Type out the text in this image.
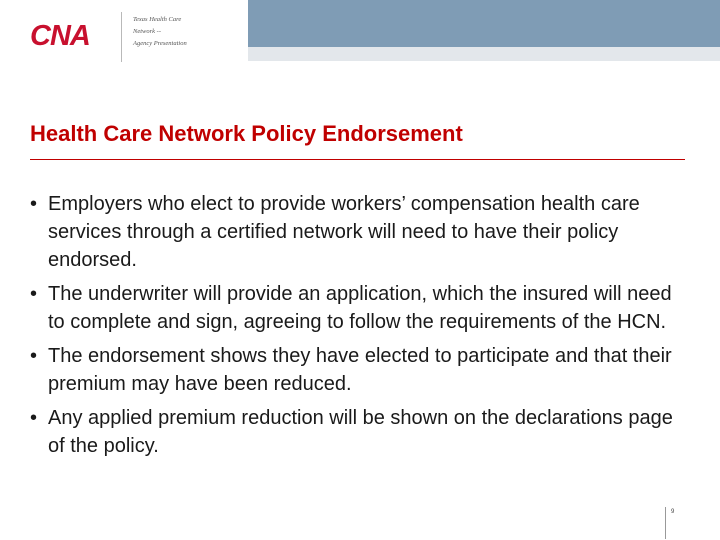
CNA
Texas Health Care
Network --
Agency Presentation
Health Care Network Policy Endorsement
• Employers who elect to provide workers’ compensation health care services through a certified network will need to have their policy endorsed.
• The underwriter will provide an application, which the insured will need to complete and sign, agreeing to follow the requirements of the HCN.
• The endorsement shows they have elected to participate and that their premium may have been reduced.
• Any applied premium reduction will be shown on the declarations page of the policy.
9
